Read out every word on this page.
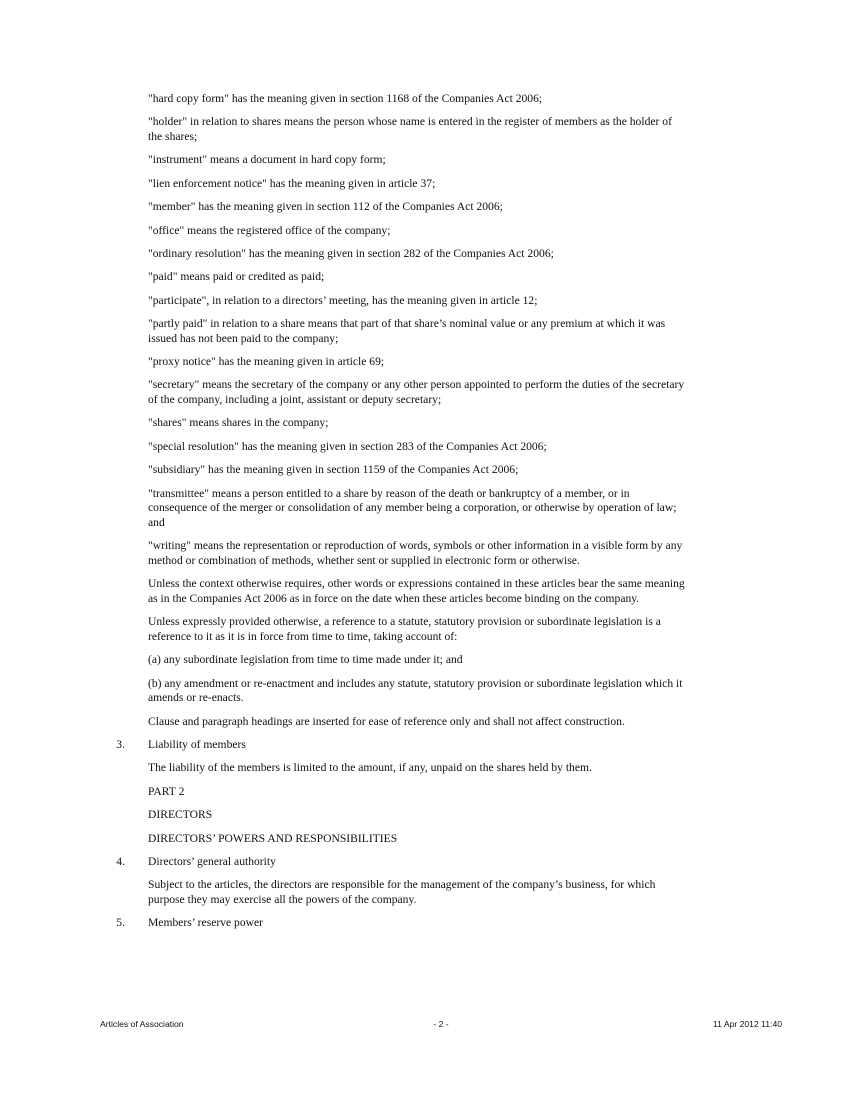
"hard copy form" has the meaning given in section 1168 of the Companies Act 2006;

"holder" in relation to shares means the person whose name is entered in the register of members as the holder of the shares;

"instrument" means a document in hard copy form;

"lien enforcement notice" has the meaning given in article 37;

"member" has the meaning given in section 112 of the Companies Act 2006;

"office" means the registered office of the company;

"ordinary resolution" has the meaning given in section 282 of the Companies Act 2006;

"paid" means paid or credited as paid;

"participate", in relation to a directors’ meeting, has the meaning given in article 12;

"partly paid" in relation to a share means that part of that share’s nominal value or any premium at which it was issued has not been paid to the company;

"proxy notice" has the meaning given in article 69;

"secretary" means the secretary of the company or any other person appointed to perform the duties of the secretary of the company, including a joint, assistant or deputy secretary;

"shares" means shares in the company;

"special resolution" has the meaning given in section 283 of the Companies Act 2006;

"subsidiary" has the meaning given in section 1159 of the Companies Act 2006;

"transmittee" means a person entitled to a share by reason of the death or bankruptcy of a member, or in consequence of the merger or consolidation of any member being a corporation, or otherwise by operation of law; and

"writing" means the representation or reproduction of words, symbols or other information in a visible form by any method or combination of methods, whether sent or supplied in electronic form or otherwise.

Unless the context otherwise requires, other words or expressions contained in these articles bear the same meaning as in the Companies Act 2006 as in force on the date when these articles become binding on the company.

Unless expressly provided otherwise, a reference to a statute, statutory provision or subordinate legislation is a reference to it as it is in force from time to time, taking account of:

(a) any subordinate legislation from time to time made under it; and

(b) any amendment or re-enactment and includes any statute, statutory provision or subordinate legislation which it amends or re-enacts.

Clause and paragraph headings are inserted for ease of reference only and shall not affect construction.

3. Liability of members

The liability of the members is limited to the amount, if any, unpaid on the shares held by them.

PART 2

DIRECTORS

DIRECTORS’ POWERS AND RESPONSIBILITIES

4. Directors’ general authority

Subject to the articles, the directors are responsible for the management of the company’s business, for which purpose they may exercise all the powers of the company.

5. Members’ reserve power
Articles of Association	- 2 -	11 Apr 2012 11:40
